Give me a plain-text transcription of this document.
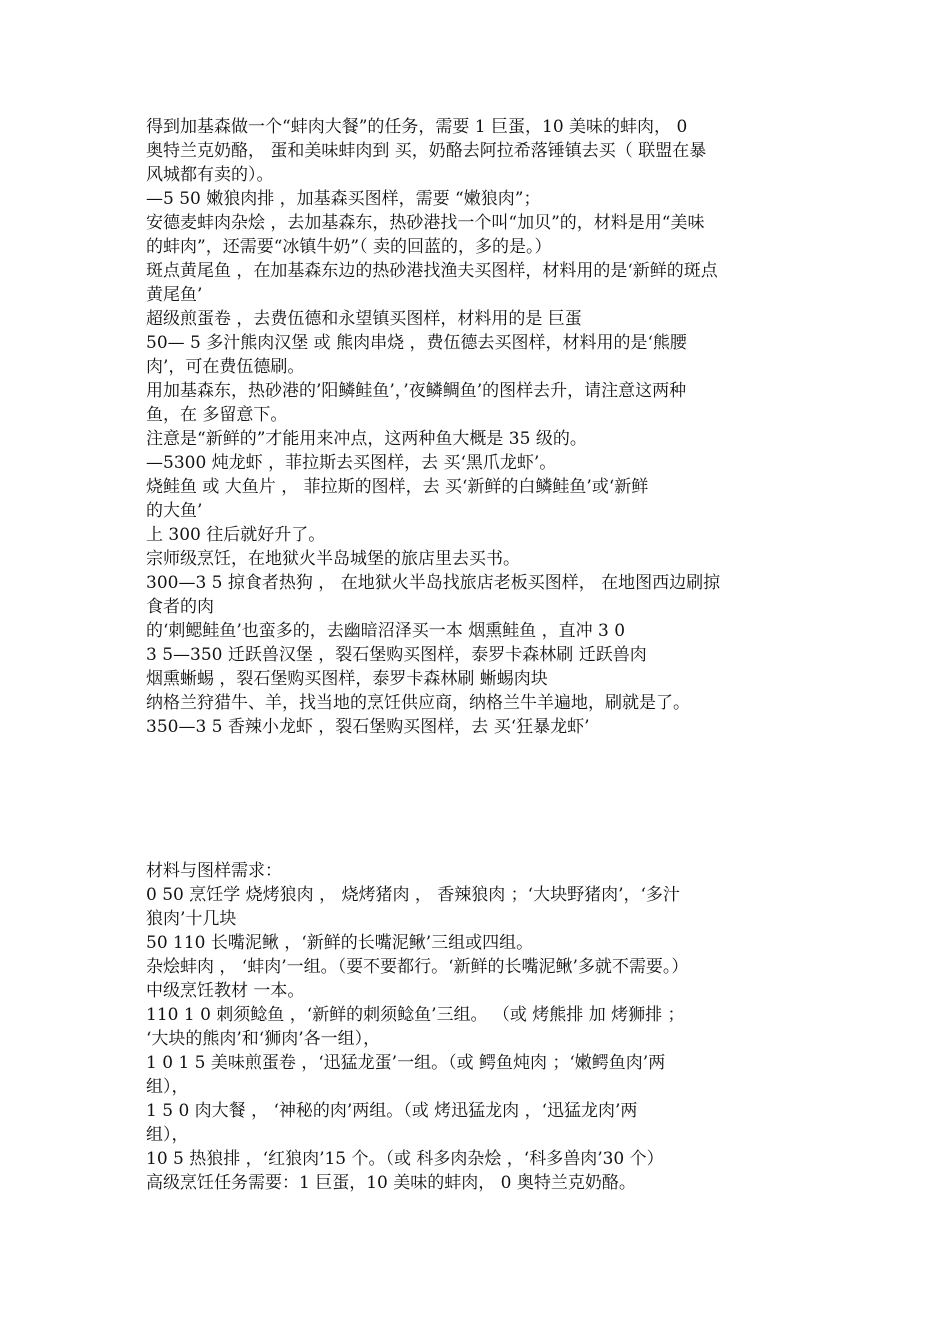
得到加基森做一个“蚌肉大餐”的任务，需要 1 巨蛋，10 美味的蚌肉， 0
奥特兰克奶酪， 蛋和美味蚌肉到 买，奶酪去阿拉希落锤镇去买（ 联盟在暴
风城都有卖的）。
—5 50 嫩狼肉排 ，加基森买图样，需要 “嫩狼肉”；
安德麦蚌肉杂烩 ，去加基森东，热砂港找一个叫“加贝”的，材料是用“美味
的蚌肉”，还需要“冰镇牛奶”（ 卖的回蓝的，多的是。）
斑点黄尾鱼 ，在加基森东边的热砂港找渔夫买图样，材料用的是‘新鲜的斑点
黄尾鱼’
超级煎蛋卷 ，去费伍德和永望镇买图样，材料用的是 巨蛋
50— 5 多汁熊肉汉堡 或 熊肉串烧 ，费伍德去买图样，材料用的是‘熊腰
肉’，可在费伍德刷。
用加基森东，热砂港的’阳鳞鲑鱼’，’夜鳞鲷鱼’的图样去升，请注意这两种
鱼，在 多留意下。
注意是“新鲜的”才能用来冲点，这两种鱼大概是 35 级的。
—5300 炖龙虾 ，菲拉斯去买图样，去 买‘黑爪龙虾’。
烧鲑鱼 或 大鱼片 ， 菲拉斯的图样，去 买‘新鲜的白鳞鲑鱼’或‘新鲜
的大鱼’
上 300 往后就好升了。
宗师级烹饪，在地狱火半岛城堡的旅店里去买书。
300—3 5 掠食者热狗 ， 在地狱火半岛找旅店老板买图样， 在地图西边刷掠
食者的肉
的‘刺鳃鲑鱼’也蛮多的，去幽暗沼泽买一本 烟熏鲑鱼 ，直冲 3 0
3 5—350 迁跃兽汉堡 ，裂石堡购买图样，泰罗卡森林刷 迁跃兽肉
烟熏蜥蜴 ，裂石堡购买图样，泰罗卡森林刷 蜥蜴肉块
纳格兰狩猎牛、羊，找当地的烹饪供应商，纳格兰牛羊遍地，刷就是了。
350—3 5 香辣小龙虾 ，裂石堡购买图样，去 买‘狂暴龙虾’
材料与图样需求：
0 50 烹饪学 烧烤狼肉 ， 烧烤猪肉 ， 香辣狼肉 ；‘大块野猪肉’，‘多汁
狼肉’十几块
50 110 长嘴泥鳅 ，‘新鲜的长嘴泥鳅’三组或四组。
杂烩蚌肉 ， ‘蚌肉’一组。（要不要都行。‘新鲜的长嘴泥鳅’多就不需要。）
中级烹饪教材 一本。
110 1 0 刺须鲶鱼 ，‘新鲜的刺须鲶鱼’三组。 （或 烤熊排 加 烤狮排 ；
‘大块的熊肉’和‘狮肉’各一组），
1 0 1 5 美味煎蛋卷 ，‘迅猛龙蛋’一组。（或 鳄鱼炖肉 ；‘嫩鳄鱼肉’两
组），
1 5 0 肉大餐 ， ‘神秘的肉’两组。（或 烤迅猛龙肉 ，‘迅猛龙肉’两
组），
10 5 热狼排 ，‘红狼肉’15 个。（或 科多肉杂烩 ，‘科多兽肉’30 个）
高级烹饪任务需要：1 巨蛋，10 美味的蚌肉， 0 奥特兰克奶酪。
